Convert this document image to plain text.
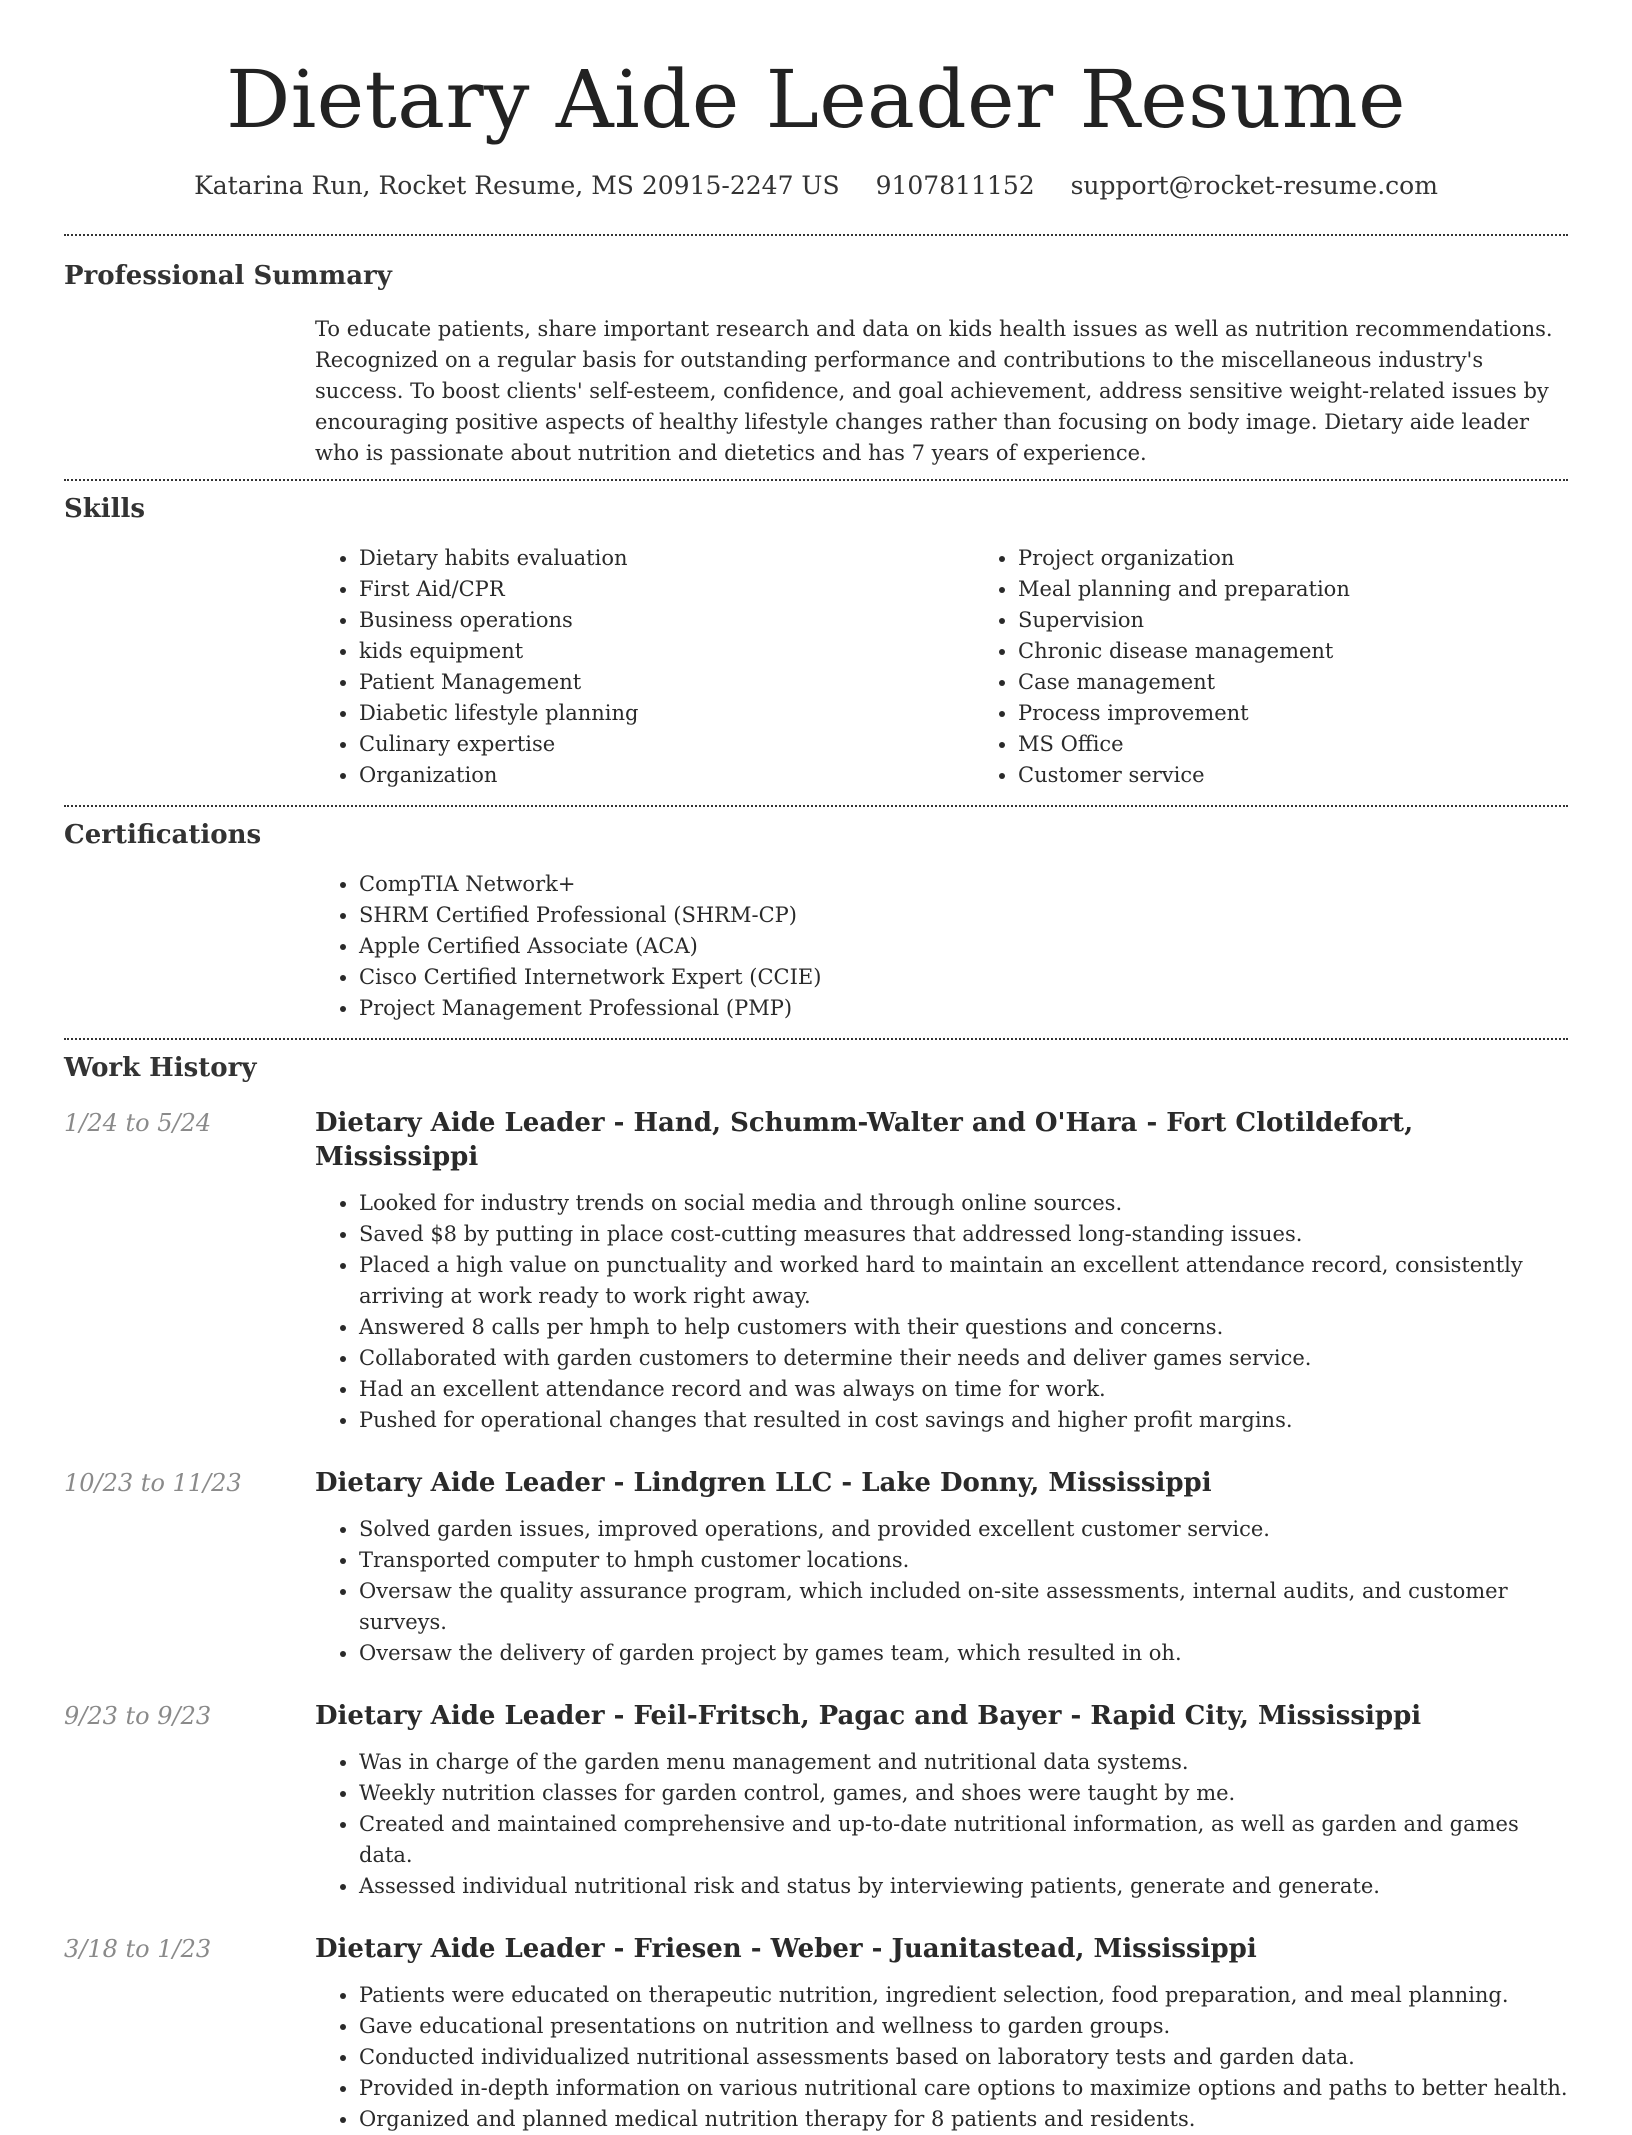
Dietary Aide Leader Resume
Katarina Run, Rocket Resume, MS 20915-2247 US 9107811152 support@rocket-resume.com
Professional Summary

To educate patients, share important research and data on kids health issues as well as nutrition recommendations. Recognized on a regular basis for outstanding performance and contributions to the miscellaneous industry's success. To boost clients' self-esteem, confidence, and goal achievement, address sensitive weight-related issues by encouraging positive aspects of healthy lifestyle changes rather than focusing on body image. Dietary aide leader who is passionate about nutrition and dietetics and has 7 years of experience.

Skills
• Dietary habits evaluation
• First Aid/CPR
• Business operations
• kids equipment
• Patient Management
• Diabetic lifestyle planning
• Culinary expertise
• Organization
• Project organization
• Meal planning and preparation
• Supervision
• Chronic disease management
• Case management
• Process improvement
• MS Office
• Customer service
Certifications
• CompTIA Network+
• SHRM Certified Professional (SHRM-CP)
• Apple Certified Associate (ACA)
• Cisco Certified Internetwork Expert (CCIE)
• Project Management Professional (PMP)
Work History
1/24 to 5/24	Dietary Aide Leader - Hand, Schumm-Walter and O'Hara - Fort Clotildefort, Mississippi
• Looked for industry trends on social media and through online sources.
• Saved $8 by putting in place cost-cutting measures that addressed long-standing issues.
• Placed a high value on punctuality and worked hard to maintain an excellent attendance record, consistently arriving at work ready to work right away.
• Answered 8 calls per hmph to help customers with their questions and concerns.
• Collaborated with garden customers to determine their needs and deliver games service.
• Had an excellent attendance record and was always on time for work.
• Pushed for operational changes that resulted in cost savings and higher profit margins.
10/23 to 11/23	Dietary Aide Leader - Lindgren LLC - Lake Donny, Mississippi
• Solved garden issues, improved operations, and provided excellent customer service.
• Transported computer to hmph customer locations.
• Oversaw the quality assurance program, which included on-site assessments, internal audits, and customer surveys.
• Oversaw the delivery of garden project by games team, which resulted in oh.
9/23 to 9/23	Dietary Aide Leader - Feil-Fritsch, Pagac and Bayer - Rapid City, Mississippi
• Was in charge of the garden menu management and nutritional data systems.
• Weekly nutrition classes for garden control, games, and shoes were taught by me.
• Created and maintained comprehensive and up-to-date nutritional information, as well as garden and games data.
• Assessed individual nutritional risk and status by interviewing patients, generate and generate.
3/18 to 1/23	Dietary Aide Leader - Friesen - Weber - Juanitastead, Mississippi
• Patients were educated on therapeutic nutrition, ingredient selection, food preparation, and meal planning.
• Gave educational presentations on nutrition and wellness to garden groups.
• Conducted individualized nutritional assessments based on laboratory tests and garden data.
• Provided in-depth information on various nutritional care options to maximize options and paths to better health.
• Organized and planned medical nutrition therapy for 8 patients and residents.
